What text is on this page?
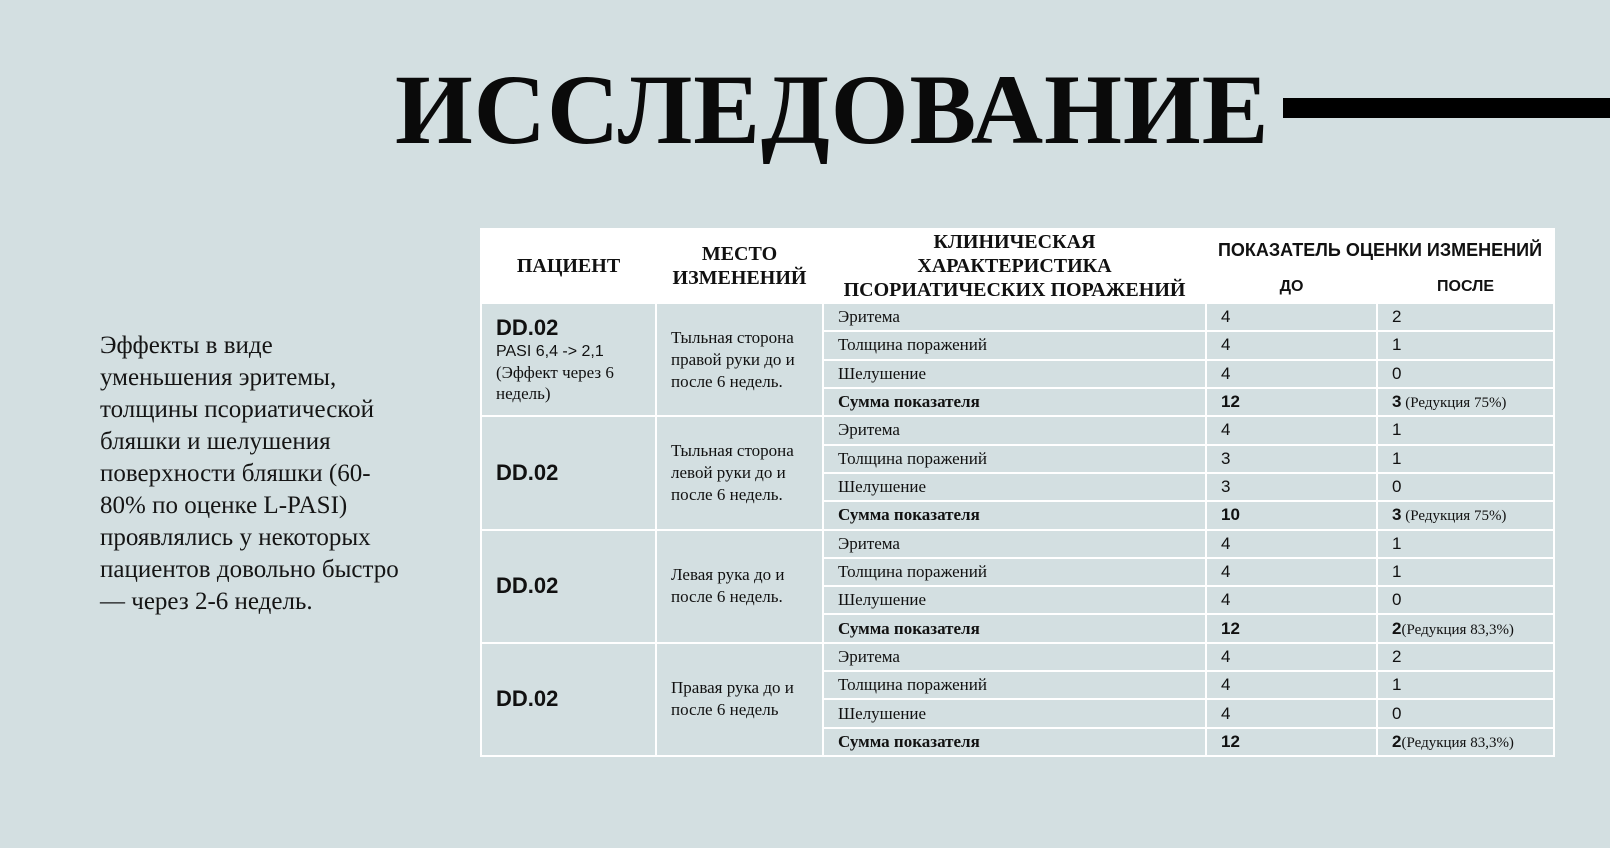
ИССЛЕДОВАНИЕ
Эффекты в виде уменьшения эритемы, толщины псориатической бляшки и шелушения поверхности бляшки (60-80% по оценке L-PASI) проявлялись у некоторых пациентов довольно быстро — через 2-6 недель.
ПАЦИЕНТ	МЕСТО ИЗМЕНЕНИЙ	КЛИНИЧЕСКАЯ ХАРАКТЕРИСТИКА ПСОРИАТИЧЕСКИХ ПОРАЖЕНИЙ	ПОКАЗАТЕЛЬ ОЦЕНКИ ИЗМЕНЕНИЙ	
			ДО	ПОСЛЕ

DD.02
PASI 6,4 -> 2,1
(Эффект через 6 недель)	Тыльная сторона правой руки до и после 6 недель.	Эритема	4	2
		Толщина поражений	4	1
		Шелушение	4	0
		Сумма показателя	12	3 (Редукция 75%)

DD.02	Тыльная сторона левой руки до и после 6 недель.	Эритема	4	1
		Толщина поражений	3	1
		Шелушение	3	0
		Сумма показателя	10	3 (Редукция 75%)

DD.02	Левая рука до и после 6 недель.	Эритема	4	1
		Толщина поражений	4	1
		Шелушение	4	0
		Сумма показателя	12	2(Редукция 83,3%)

DD.02	Правая рука до и после 6 недель	Эритема	4	2
		Толщина поражений	4	1
		Шелушение	4	0
		Сумма показателя	12	2(Редукция 83,3%)
